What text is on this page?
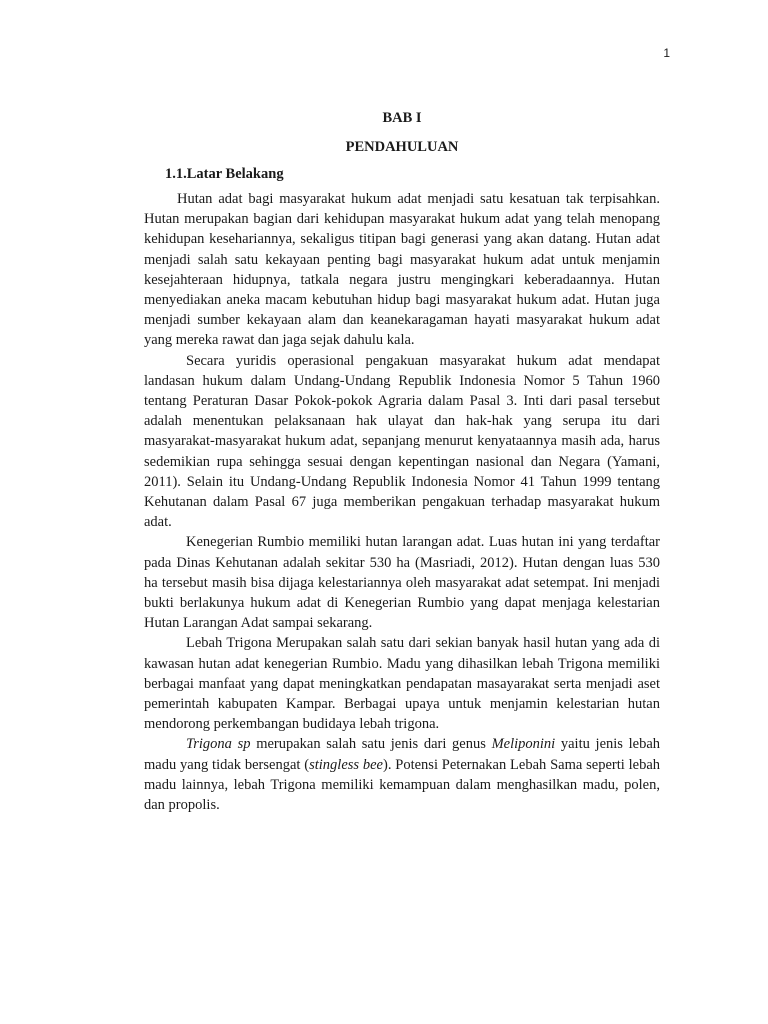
1

BAB I

PENDAHULUAN

1.1.Latar Belakang

Hutan adat bagi masyarakat hukum adat menjadi satu kesatuan tak terpisahkan. Hutan merupakan bagian dari kehidupan masyarakat hukum adat yang telah menopang kehidupan kesehariannya, sekaligus titipan bagi generasi yang akan datang. Hutan adat menjadi salah satu kekayaan penting bagi masyarakat hukum adat untuk menjamin kesejahteraan hidupnya, tatkala negara justru mengingkari keberadaannya. Hutan menyediakan aneka macam kebutuhan hidup bagi masyarakat hukum adat. Hutan juga menjadi sumber kekayaan alam dan keanekaragaman hayati masyarakat hukum adat yang mereka rawat dan jaga sejak dahulu kala.

Secara yuridis operasional pengakuan masyarakat hukum adat mendapat landasan hukum dalam Undang-Undang Republik Indonesia Nomor 5 Tahun 1960 tentang Peraturan Dasar Pokok-pokok Agraria dalam Pasal 3. Inti dari pasal tersebut adalah menentukan pelaksanaan hak ulayat dan hak-hak yang serupa itu dari masyarakat-masyarakat hukum adat, sepanjang menurut kenyataannya masih ada, harus sedemikian rupa sehingga sesuai dengan kepentingan nasional dan Negara (Yamani, 2011). Selain itu Undang-Undang Republik Indonesia Nomor 41 Tahun 1999 tentang Kehutanan dalam Pasal 67 juga memberikan pengakuan terhadap masyarakat hukum adat.

Kenegerian Rumbio memiliki hutan larangan adat. Luas hutan ini yang terdaftar pada Dinas Kehutanan adalah sekitar 530 ha (Masriadi, 2012). Hutan dengan luas 530 ha tersebut masih bisa dijaga kelestariannya oleh masyarakat adat setempat. Ini menjadi bukti berlakunya hukum adat di Kenegerian Rumbio yang dapat menjaga kelestarian Hutan Larangan Adat sampai sekarang.

Lebah Trigona Merupakan salah satu dari sekian banyak hasil hutan yang ada di kawasan hutan adat kenegerian Rumbio. Madu yang dihasilkan lebah Trigona memiliki berbagai manfaat yang dapat meningkatkan pendapatan masayarakat serta menjadi aset pemerintah kabupaten Kampar. Berbagai upaya untuk menjamin kelestarian hutan mendorong perkembangan budidaya lebah trigona.

Trigona sp merupakan salah satu jenis dari genus Meliponini yaitu jenis lebah madu yang tidak bersengat (stingless bee). Potensi Peternakan Lebah Sama seperti lebah madu lainnya, lebah Trigona memiliki kemampuan dalam menghasilkan madu, polen, dan propolis.
